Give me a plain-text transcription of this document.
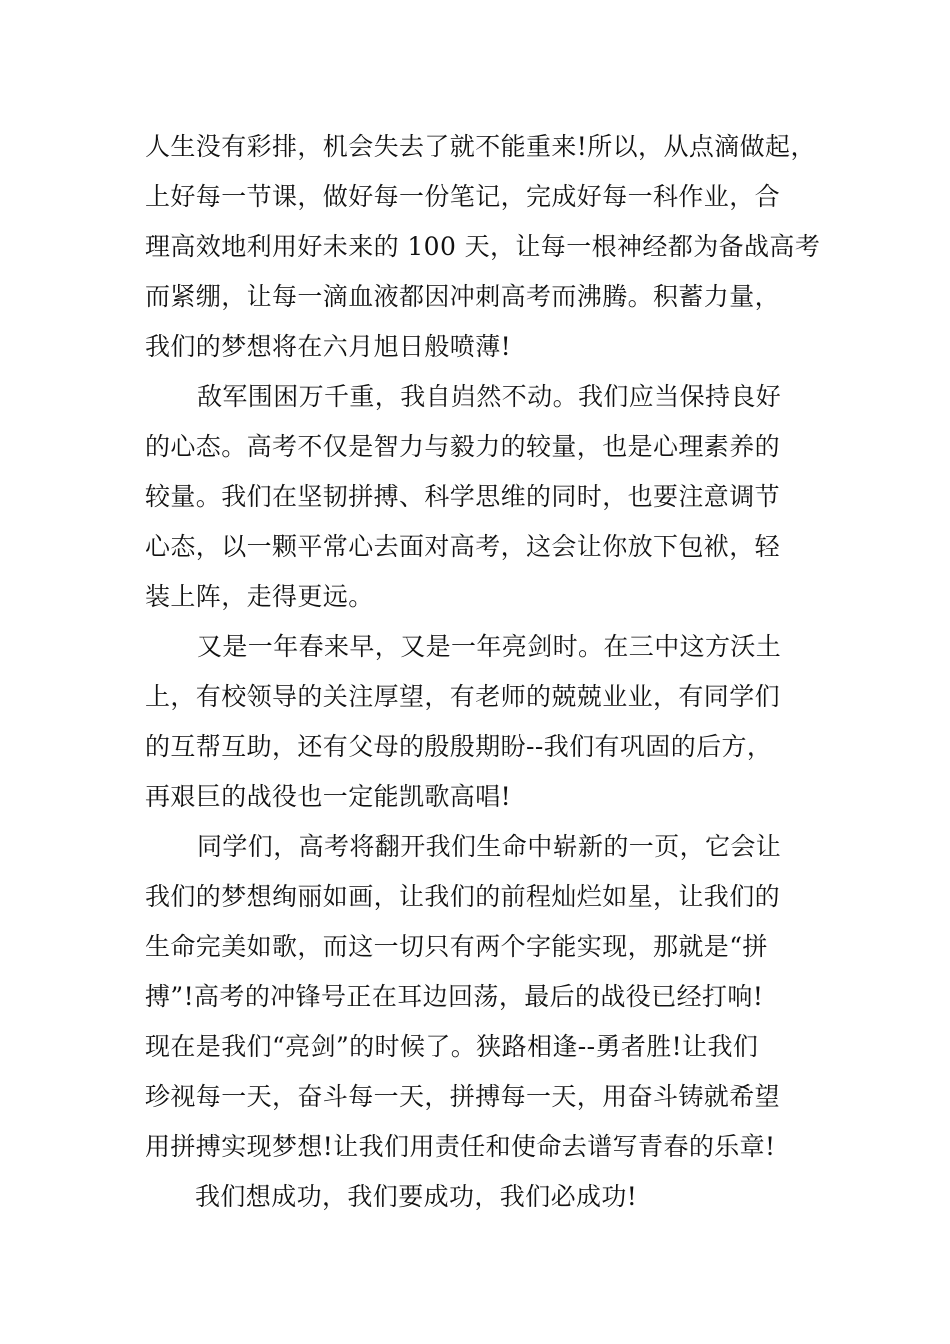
人生没有彩排，机会失去了就不能重来!所以，从点滴做起，
上好每一节课，做好每一份笔记，完成好每一科作业，合
理高效地利用好未来的 100 天，让每一根神经都为备战高考
而紧绷，让每一滴血液都因冲刺高考而沸腾。积蓄力量，
我们的梦想将在六月旭日般喷薄!
敌军围困万千重，我自岿然不动。我们应当保持良好
的心态。高考不仅是智力与毅力的较量，也是心理素养的
较量。我们在坚韧拼搏、科学思维的同时，也要注意调节
心态，以一颗平常心去面对高考，这会让你放下包袱，轻
装上阵，走得更远。
又是一年春来早，又是一年亮剑时。在三中这方沃土
上，有校领导的关注厚望，有老师的兢兢业业，有同学们
的互帮互助，还有父母的殷殷期盼--我们有巩固的后方，
再艰巨的战役也一定能凯歌高唱!
同学们，高考将翻开我们生命中崭新的一页，它会让
我们的梦想绚丽如画，让我们的前程灿烂如星，让我们的
生命完美如歌，而这一切只有两个字能实现，那就是“拼
搏”!高考的冲锋号正在耳边回荡，最后的战役已经打响!
现在是我们“亮剑”的时候了。狭路相逢--勇者胜!让我们
珍视每一天，奋斗每一天，拼搏每一天，用奋斗铸就希望
用拼搏实现梦想!让我们用责任和使命去谱写青春的乐章!
我们想成功，我们要成功，我们必成功!
